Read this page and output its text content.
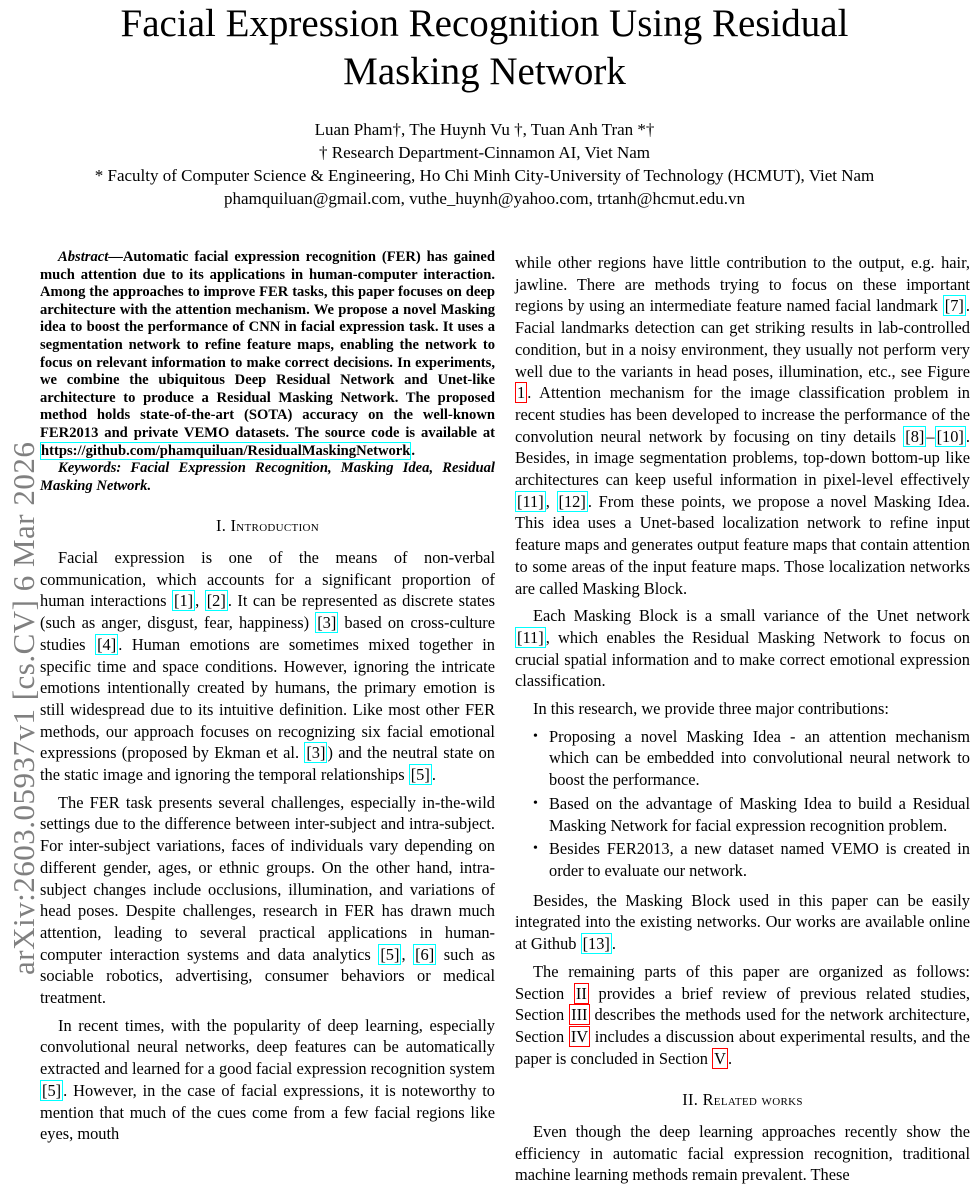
Facial Expression Recognition Using Residual
Masking Network
Luan Pham†, The Huynh Vu †, Tuan Anh Tran *†
† Research Department-Cinnamon AI, Viet Nam
* Faculty of Computer Science & Engineering, Ho Chi Minh City-University of Technology (HCMUT), Viet Nam
phamquiluan@gmail.com, vuthe_huynh@yahoo.com, trtanh@hcmut.edu.vn
arXiv:2603.05937v1 [cs.CV] 6 Mar 2026

Abstract—Automatic facial expression recognition (FER) has gained much attention due to its applications in human-computer interaction. Among the approaches to improve FER tasks, this paper focuses on deep architecture with the attention mechanism. We propose a novel Masking idea to boost the performance of CNN in facial expression task. It uses a segmentation network to refine feature maps, enabling the network to focus on relevant information to make correct decisions. In experiments, we combine the ubiquitous Deep Residual Network and Unet-like architecture to produce a Residual Masking Network. The proposed method holds state-of-the-art (SOTA) accuracy on the well-known FER2013 and private VEMO datasets. The source code is available at https://github.com/phamquiluan/ResidualMaskingNetwork.

Keywords: Facial Expression Recognition, Masking Idea, Residual Masking Network.

I. Introduction

Facial expression is one of the means of non-verbal communication, which accounts for a significant proportion of human interactions [1] , [2] . It can be represented as discrete states (such as anger, disgust, fear, happiness) [3] based on cross-culture studies [4] . Human emotions are sometimes mixed together in specific time and space conditions. However, ignoring the intricate emotions intentionally created by humans, the primary emotion is still widespread due to its intuitive definition. Like most other FER methods, our approach focuses on recognizing six facial emotional expressions (proposed by Ekman et al. [3] ) and the neutral state on the static image and ignoring the temporal relationships [5] .

The FER task presents several challenges, especially in-the-wild settings due to the difference between inter-subject and intra-subject. For inter-subject variations, faces of individuals vary depending on different gender, ages, or ethnic groups. On the other hand, intra-subject changes include occlusions, illumination, and variations of head poses. Despite challenges, research in FER has drawn much attention, leading to several practical applications in human-computer interaction systems and data analytics [5] , [6] such as sociable robotics, advertising, consumer behaviors or medical treatment.

In recent times, with the popularity of deep learning, especially convolutional neural networks, deep features can be automatically extracted and learned for a good facial expression recognition system [5] . However, in the case of facial expressions, it is noteworthy to mention that much of the cues come from a few facial regions like eyes, mouth

while other regions have little contribution to the output, e.g. hair, jawline. There are methods trying to focus on these important regions by using an intermediate feature named facial landmark [7] . Facial landmarks detection can get striking results in lab-controlled condition, but in a noisy environment, they usually not perform very well due to the variants in head poses, illumination, etc., see Figure 1 . Attention mechanism for the image classification problem in recent studies has been developed to increase the performance of the convolution neural network by focusing on tiny details [8] – [10] . Besides, in image segmentation problems, top-down bottom-up like architectures can keep useful information in pixel-level effectively [11] , [12] . From these points, we propose a novel Masking Idea. This idea uses a Unet-based localization network to refine input feature maps and generates output feature maps that contain attention to some areas of the input feature maps. Those localization networks are called Masking Block.

Each Masking Block is a small variance of the Unet network [11] , which enables the Residual Masking Network to focus on crucial spatial information and to make correct emotional expression classification.

In this research, we provide three major contributions:

• Proposing a novel Masking Idea - an attention mechanism which can be embedded into convolutional neural network to boost the performance.
• Based on the advantage of Masking Idea to build a Residual Masking Network for facial expression recognition problem.
• Besides FER2013, a new dataset named VEMO is created in order to evaluate our network.

Besides, the Masking Block used in this paper can be easily integrated into the existing networks. Our works are available online at Github [13] .

The remaining parts of this paper are organized as follows: Section II provides a brief review of previous related studies, Section III describes the methods used for the network architecture, Section IV includes a discussion about experimental results, and the paper is concluded in Section V .

II. Related works

Even though the deep learning approaches recently show the efficiency in automatic facial expression recognition, traditional machine learning methods remain prevalent. These
